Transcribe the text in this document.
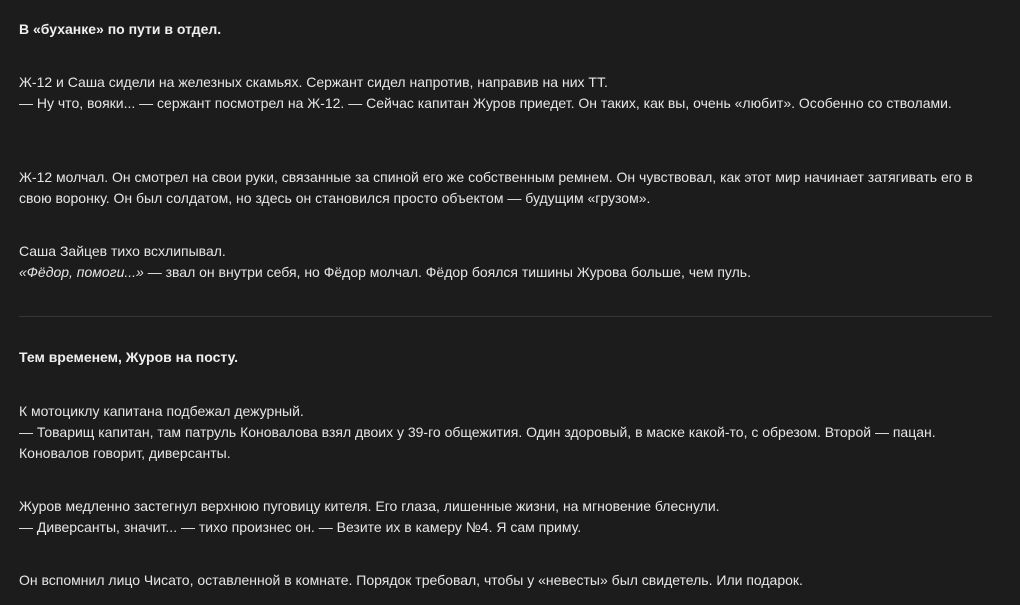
В «буханке» по пути в отдел.

Ж-12 и Саша сидели на железных скамьях. Сержант сидел напротив, направив на них ТТ.

— Ну что, вояки... — сержант посмотрел на Ж-12. — Сейчас капитан Журов приедет. Он таких, как вы, очень «любит». Особенно со стволами.

Ж-12 молчал. Он смотрел на свои руки, связанные за спиной его же собственным ремнем. Он чувствовал, как этот мир начинает затягивать его в свою воронку. Он был солдатом, но здесь он становился просто объектом — будущим «грузом».

Саша Зайцев тихо всхлипывал.

«Фёдор, помоги...» — звал он внутри себя, но Фёдор молчал. Фёдор боялся тишины Журова больше, чем пуль.

Тем временем, Журов на посту.

К мотоциклу капитана подбежал дежурный.

— Товарищ капитан, там патруль Коновалова взял двоих у 39-го общежития. Один здоровый, в маске какой-то, с обрезом. Второй — пацан. Коновалов говорит, диверсанты.

Журов медленно застегнул верхнюю пуговицу кителя. Его глаза, лишенные жизни, на мгновение блеснули.

— Диверсанты, значит... — тихо произнес он. — Везите их в камеру №4. Я сам приму.

Он вспомнил лицо Чисато, оставленной в комнате. Порядок требовал, чтобы у «невесты» был свидетель. Или подарок.
